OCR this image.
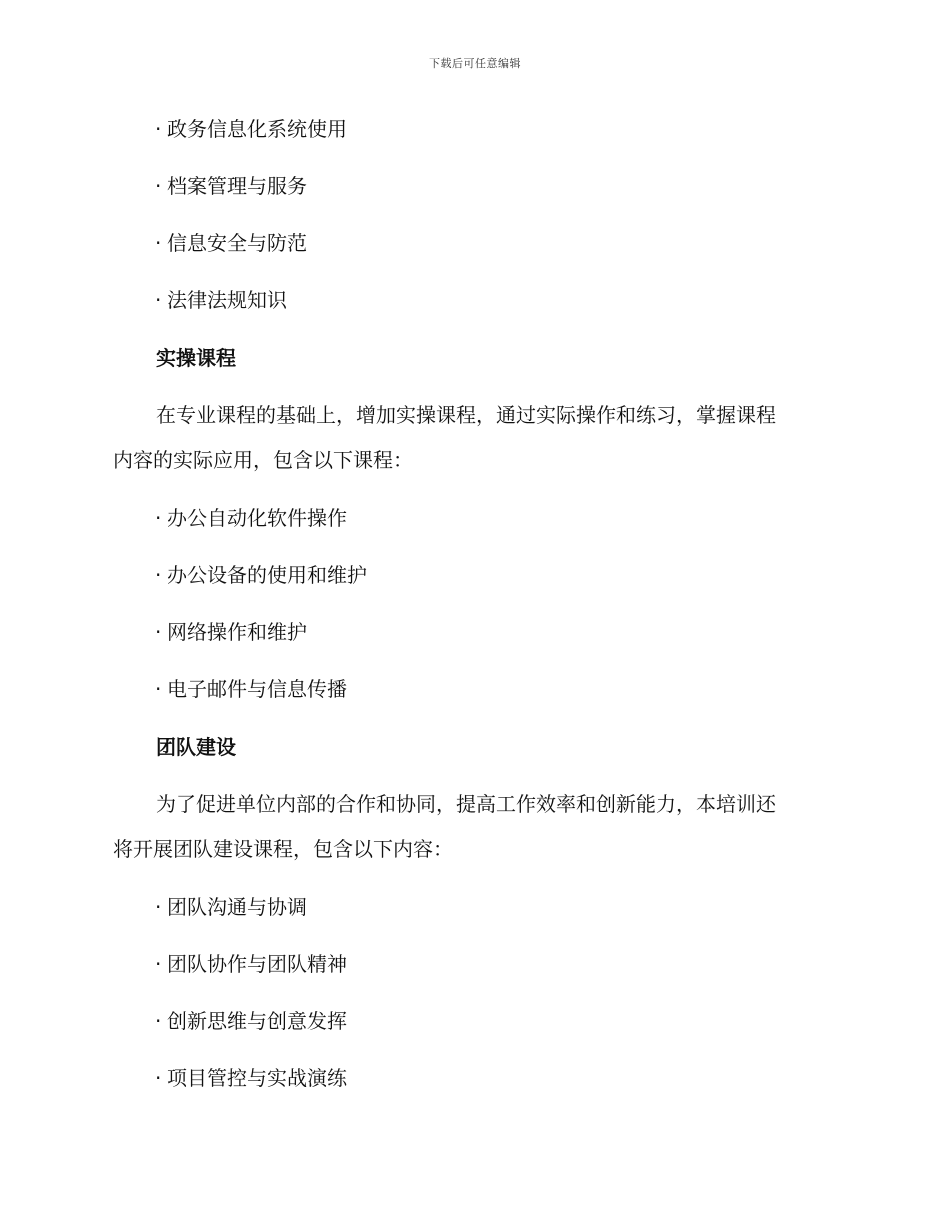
下载后可任意编辑
· 政务信息化系统使用
· 档案管理与服务
· 信息安全与防范
· 法律法规知识
实操课程
在专业课程的基础上，增加实操课程，通过实际操作和练习，掌握课程
内容的实际应用，包含以下课程：
· 办公自动化软件操作
· 办公设备的使用和维护
· 网络操作和维护
· 电子邮件与信息传播
团队建设
为了促进单位内部的合作和协同，提高工作效率和创新能力，本培训还
将开展团队建设课程，包含以下内容：
· 团队沟通与协调
· 团队协作与团队精神
· 创新思维与创意发挥
· 项目管控与实战演练
